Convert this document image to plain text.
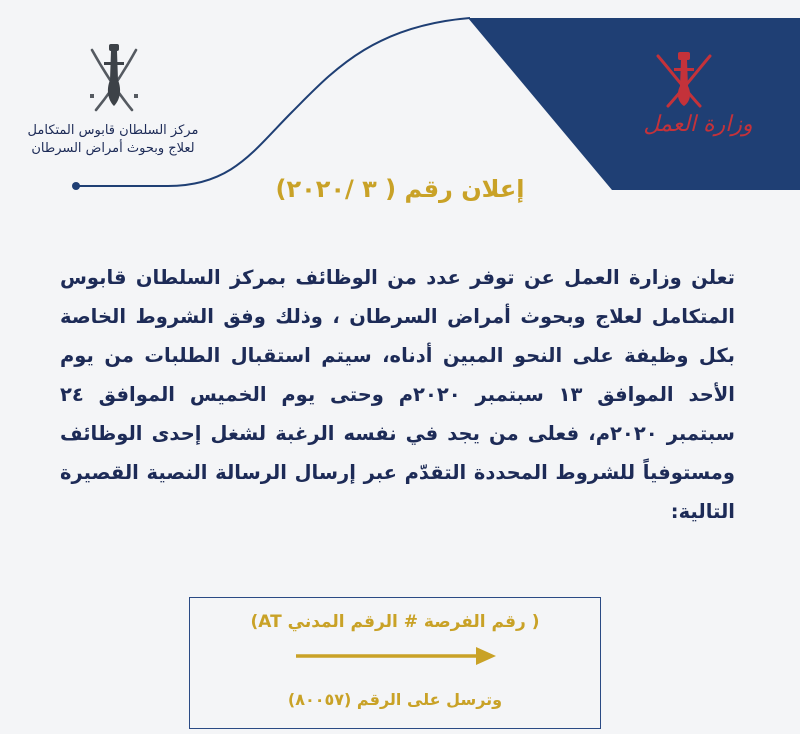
وزارة العمل
مركز السلطان قابوس المتكامل
لعلاج وبحوث أمراض السرطان
إعلان رقم ( ٣ /٢٠٢٠)
تعلن وزارة العمل عن توفر عدد من الوظائف بمركز السلطان قابوس المتكامل لعلاج وبحوث أمراض السرطان ، وذلك وفق الشروط الخاصة بكل وظيفة على النحو المبين أدناه، سيتم استقبال الطلبات من يوم الأحد الموافق ١٣ سبتمبر ٢٠٢٠م وحتى يوم الخميس الموافق ٢٤ سبتمبر ٢٠٢٠م، فعلى من يجد في نفسه الرغبة لشغل إحدى الوظائف ومستوفياً للشروط المحددة التقدّم عبر إرسال الرسالة النصية القصيرة التالية:
( رقم الفرصة # الرقم المدني AT)
وترسل على الرقم (٨٠٠٥٧)
